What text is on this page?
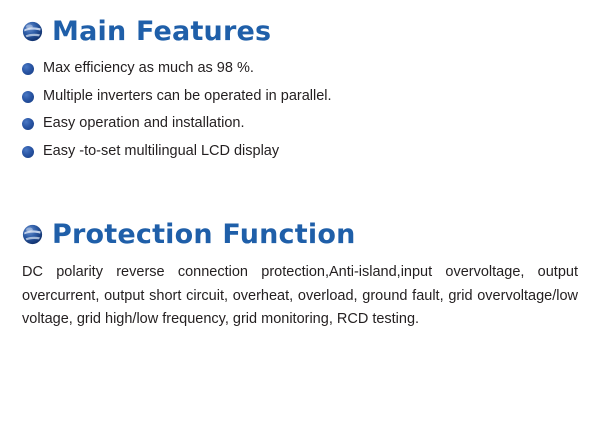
Main Features
Max efficiency as much as 98 %.
Multiple inverters can be operated in parallel.
Easy operation and installation.
Easy -to-set multilingual LCD display
Protection Function

DC polarity reverse connection protection,Anti-island,input overvoltage, output overcurrent, output short circuit, overheat, overload, ground fault, grid overvoltage/low voltage, grid high/low frequency, grid monitoring, RCD testing.
